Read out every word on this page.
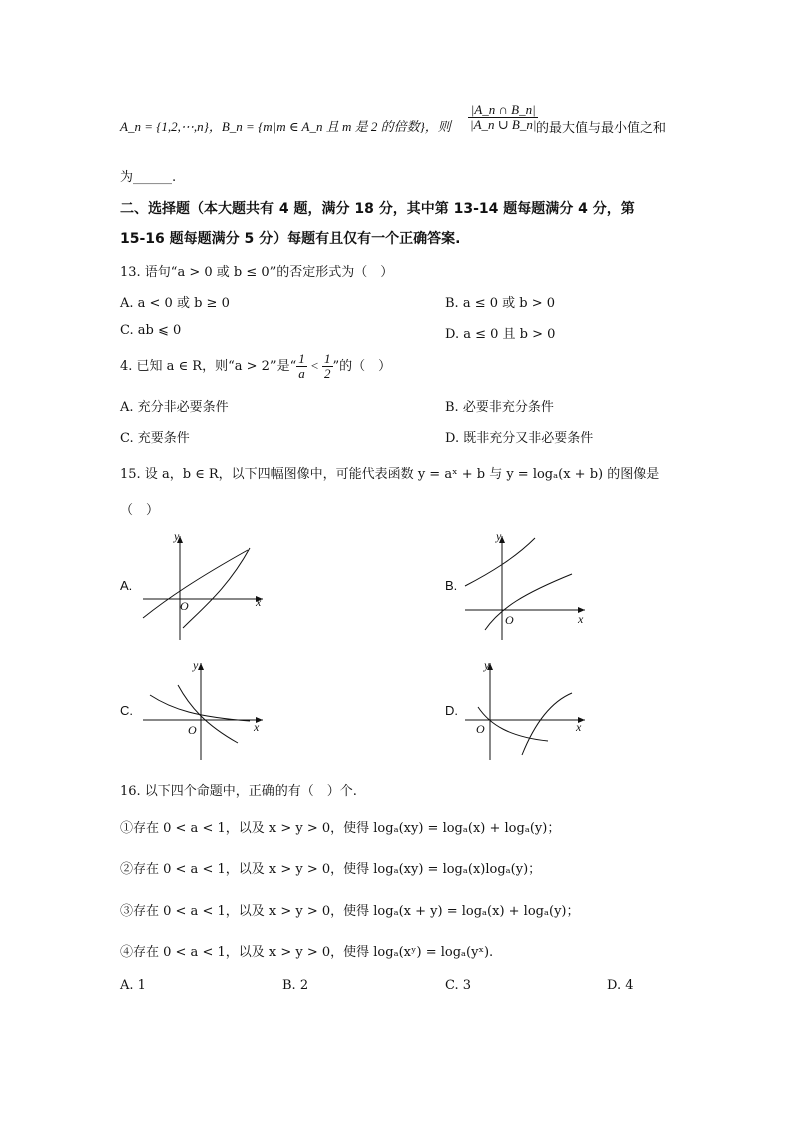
A_n = {1,2,⋯,n}，B_n = {m|m ∈ A_n 且 m 是 2 的倍数}，则 $\frac{|A\_n \cap B\_n|}{|A\_n \cup B\_n|}$
的最大值与最小值之和
为______.
二、选择题（本大题共有 4 题，满分 18 分，其中第 13-14 题每题满分 4 分，第
15-16 题每题满分 5 分）每题有且仅有一个正确答案.
13. 语句“a > 0 或 b ≤ 0”的否定形式为（　）
A. a < 0 或 b ≥ 0	B. a ≤ 0 或 b > 0
C. ab ⩽ 0	D. a ≤ 0 且 b > 0
4. 已知 a ∈ R，则“a > 2”是“ $\frac{1}{a} < \frac{1}{2}$ ”的（　）
A. 充分非必要条件	B. 必要非充分条件
C. 充要条件	D. 既非充分又非必要条件
15. 设 a，b ∈ R，以下四幅图像中，可能代表函数 y = aˣ + b 与 y = logₐ(x + b) 的图像是
（　）
A.
y
x
O
B.
y
x
O
C.
y
x
O
D.
y
x
O
16. 以下四个命题中，正确的有（　）个.
①存在 0 < a < 1，以及 x > y > 0，使得 logₐ(xy) = logₐ(x) + logₐ(y)；
②存在 0 < a < 1，以及 x > y > 0，使得 logₐ(xy) = logₐ(x)logₐ(y)；
③存在 0 < a < 1，以及 x > y > 0，使得 logₐ(x + y) = logₐ(x) + logₐ(y)；
④存在 0 < a < 1，以及 x > y > 0，使得 logₐ(xʸ) = logₐ(yˣ).
A. 1	B. 2	C. 3	D. 4
